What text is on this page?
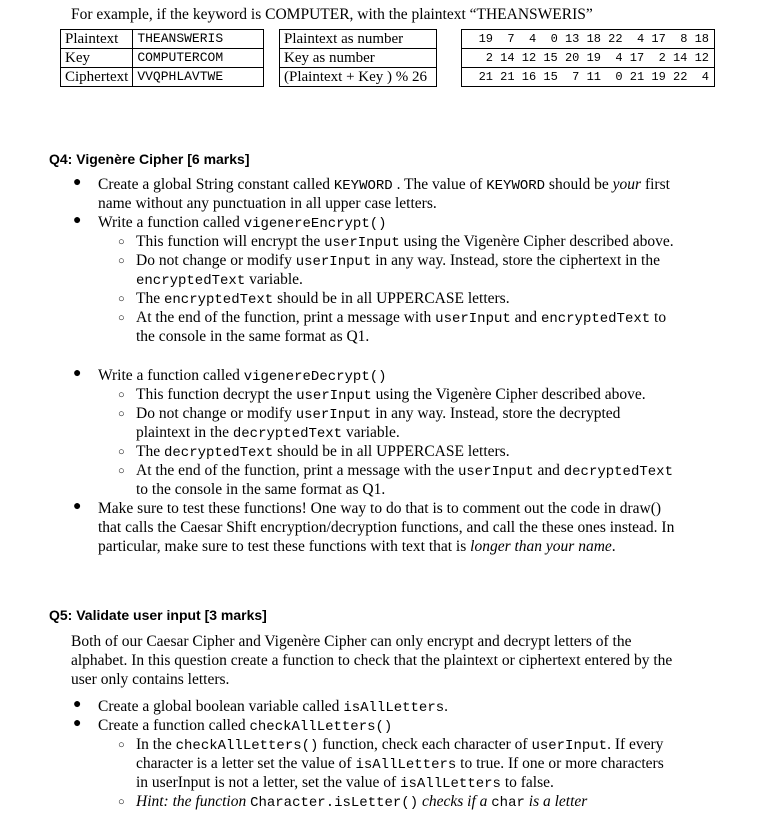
For example, if the keyword is COMPUTER, with the plaintext “THEANSWERIS”
Plaintext	THEANSWERIS
Key	COMPUTERCOM
Ciphertext	VVQPHLAVTWE
Plaintext as number
Key as number
(Plaintext + Key ) % 26
19  7  4  0 13 18 22  4 17  8 18
2 14 12 15 20 19  4 17  2 14 12
21 21 16 15  7 11  0 21 19 22  4
Q4: Vigenère Cipher [6 marks]
● Create a global String constant called KEYWORD . The value of KEYWORD should be your first
name without any punctuation in all upper case letters.
● Write a function called vigenereEncrypt()
○ This function will encrypt the userInput using the Vigenère Cipher described above.
○ Do not change or modify userInput in any way. Instead, store the ciphertext in the
encryptedText variable.
○ The encryptedText should be in all UPPERCASE letters.
○ At the end of the function, print a message with userInput and encryptedText to
the console in the same format as Q1.
● Write a function called vigenereDecrypt()
○ This function decrypt the userInput using the Vigenère Cipher described above.
○ Do not change or modify userInput in any way. Instead, store the decrypted
plaintext in the decryptedText variable.
○ The decryptedText should be in all UPPERCASE letters.
○ At the end of the function, print a message with the userInput and decryptedText
to the console in the same format as Q1.
● Make sure to test these functions! One way to do that is to comment out the code in draw()
that calls the Caesar Shift encryption/decryption functions, and call the these ones instead. In
particular, make sure to test these functions with text that is longer than your name.
Q5: Validate user input [3 marks]
Both of our Caesar Cipher and Vigenère Cipher can only encrypt and decrypt letters of the
alphabet. In this question create a function to check that the plaintext or ciphertext entered by the
user only contains letters.
● Create a global boolean variable called isAllLetters.
● Create a function called checkAllLetters()
○ In the checkAllLetters() function, check each character of userInput. If every
character is a letter set the value of isAllLetters to true. If one or more characters
in userInput is not a letter, set the value of isAllLetters to false.
○ Hint: the function Character.isLetter() checks if a char is a letter
